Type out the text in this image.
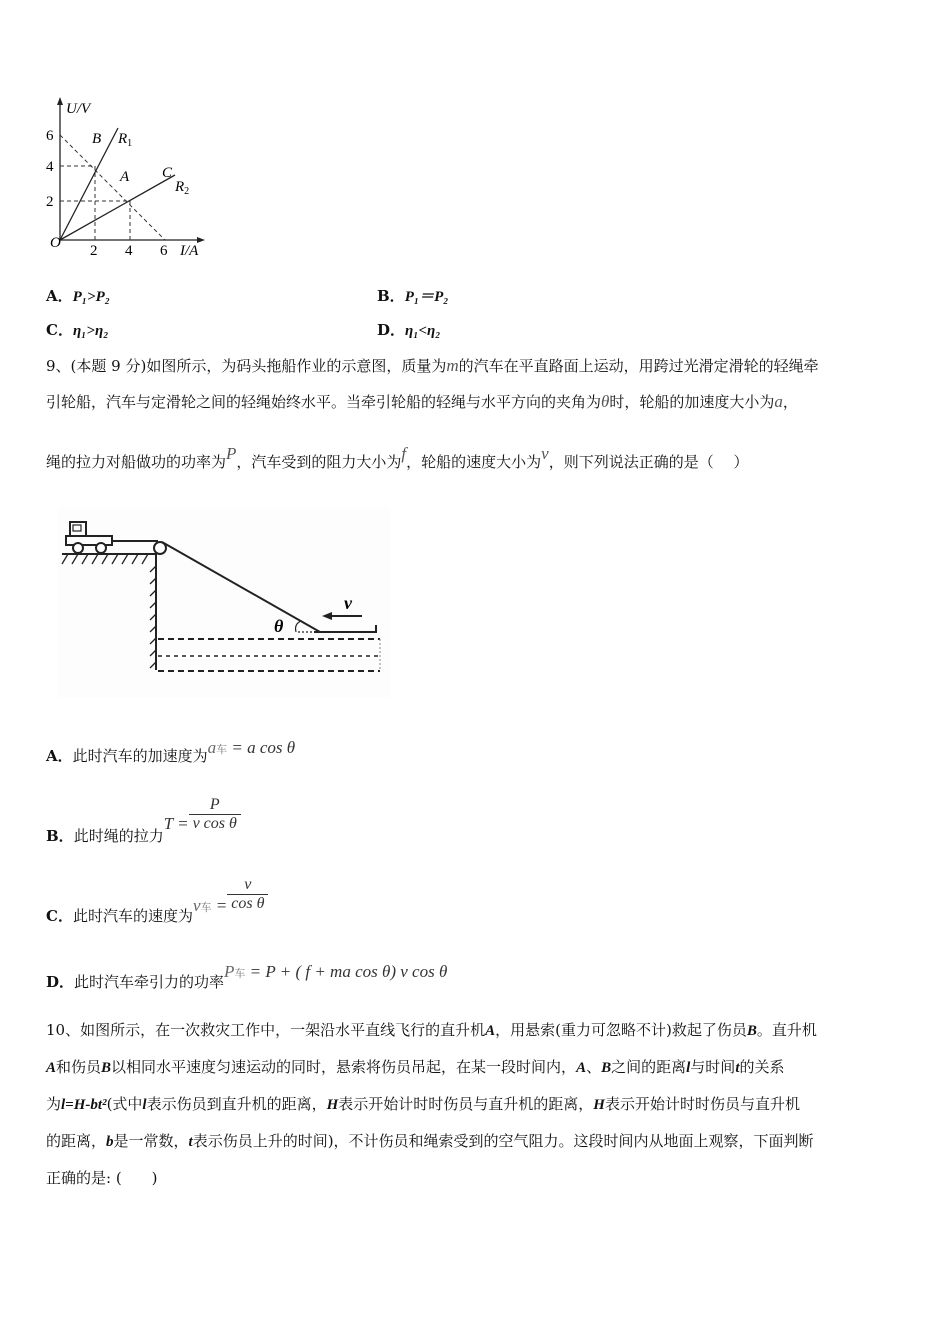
U/V
I/A
O
6
4
2
2 4 6
B
A C
$R_1$
$R_2$
A．P₁>P₂	B．P₁＝P₂
C．η₁>η₂	D．η₁<η₂
9、(本题 9 分)如图所示，为码头拖船作业的示意图，质量为m的汽车在平直路面上运动，用跨过光滑定滑轮的轻绳牵
引轮船，汽车与定滑轮之间的轻绳始终水平。当牵引轮船的轻绳与水平方向的夹角为θ时，轮船的加速度大小为a，
绳的拉力对船做功的功率为P，汽车受到的阻力大小为f，轮船的速度大小为v，则下列说法正确的是（　 ）
θ
v
A．此时汽车的加速度为a车 = a cos θ
B．此时绳的拉力$T = \frac{P}{\text{v cos θ}}$
C．此时汽车的速度为v车 = $\frac{v}{\text{cos θ}}$
D．此时汽车牵引力的功率P车 = P + ( f + ma cos θ) v cos θ
10、如图所示，在一次救灾工作中，一架沿水平直线飞行的直升机A，用悬索(重力可忽略不计)救起了伤员B。直升机
A和伤员B以相同水平速度匀速运动的同时，悬索将伤员吊起，在某一段时间内，A、B之间的距离l与时间t的关系
为l=H-bt²(式中l表示伤员到直升机的距离，H表示开始计时时伤员与直升机的距离，H表示开始计时时伤员与直升机
的距离，b是一常数，t表示伤员上升的时间)，不计伤员和绳索受到的空气阻力。这段时间内从地面上观察，下面判断
正确的是: (　　)
